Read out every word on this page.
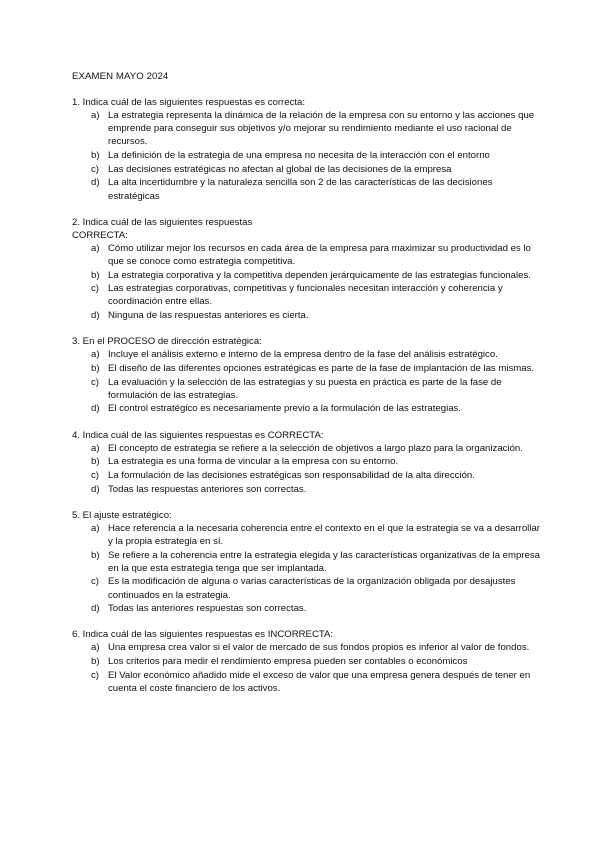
EXAMEN MAYO 2024
1. Indica cuál de las siguientes respuestas es correcta:
a) La estrategia representa la dinámica de la relación de la empresa con su entorno y las acciones que emprende para conseguir sus objetivos y/o mejorar su rendimiento mediante el uso racional de recursos.
b) La definición de la estrategia de una empresa no necesita de la interacción con el entorno
c) Las decisiones estratégicas no afectan al global de las decisiones de la empresa
d) La alta incertidumbre y la naturaleza sencilla son 2 de las características de las decisiones estratégicas
2. Indica cuál de las siguientes respuestas
CORRECTA:
a) Cómo utilizar mejor los recursos en cada área de la empresa para maximizar su productividad es lo que se conoce como estrategia competitiva.
b) La estrategia corporativa y la competitiva dependen jerárquicamente de las estrategias funcionales.
c) Las estrategias corporativas, competitivas y funcionales necesitan interacción y coherencia y coordinación entre ellas.
d) Ninguna de las respuestas anteriores es cierta.
3. En el PROCESO de dirección estratégica:
a) Incluye el análisis externo e interno de la empresa dentro de la fase del análisis estratégico.
b) El diseño de las diferentes opciones estratégicas es parte de la fase de implantación de las mismas.
c) La evaluación y la selección de las estrategias y su puesta en práctica es parte de la fase de formulación de las estrategias.
d) El control estratégico es necesariamente previo a la formulación de las estrategias.
4. Indica cuál de las siguientes respuestas es CORRECTA:
a) El concepto de estrategia se refiere a la selección de objetivos a largo plazo para la organización.
b) La estrategia es una forma de vincular a la empresa con su entorno.
c) La formulación de las decisiones estratégicas son responsabilidad de la alta dirección.
d) Todas las respuestas anteriores son correctas.
5. El ajuste estratégico:
a) Hace referencia a la necesaria coherencia entre el contexto en el que la estrategia se va a desarrollar y la propia estrategia en sí.
b) Se refiere a la coherencia entre la estrategia elegida y las características organizativas de la empresa en la que esta estrategia tenga que ser implantada.
c) Es la modificación de alguna o varias características de la organización obligada por desajustes continuados en la estrategia.
d) Todas las anteriores respuestas son correctas.
6. Indica cuál de las siguientes respuestas es INCORRECTA:
a) Una empresa crea valor si el valor de mercado de sus fondos propios es inferior al valor de fondos.
b) Los criterios para medir el rendimiento empresa pueden ser contables o económicos
c) El Valor económico añadido mide el exceso de valor que una empresa genera después de tener en cuenta el coste financiero de los activos.
